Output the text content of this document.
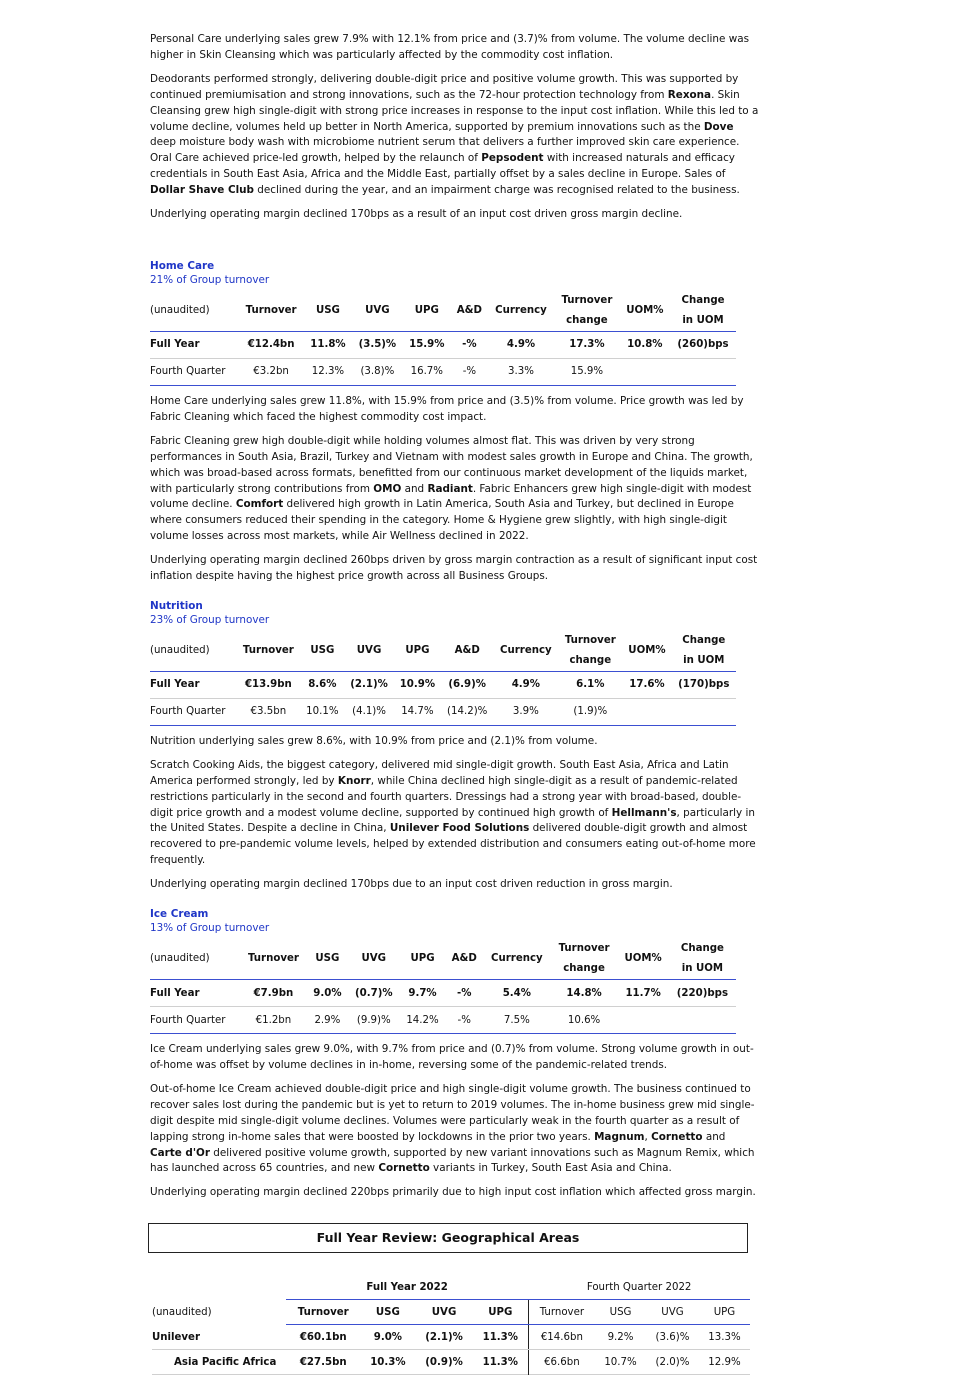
Personal Care underlying sales grew 7.9% with 12.1% from price and (3.7)% from volume. The volume decline was higher in Skin Cleansing which was particularly affected by the commodity cost inflation.

Deodorants performed strongly, delivering double-digit price and positive volume growth. This was supported by continued premiumisation and strong innovations, such as the 72-hour protection technology from Rexona. Skin Cleansing grew high single-digit with strong price increases in response to the input cost inflation. While this led to a volume decline, volumes held up better in North America, supported by premium innovations such as the Dove deep moisture body wash with microbiome nutrient serum that delivers a further improved skin care experience. Oral Care achieved price-led growth, helped by the relaunch of Pepsodent with increased naturals and efficacy credentials in South East Asia, Africa and the Middle East, partially offset by a sales decline in Europe. Sales of Dollar Shave Club declined during the year, and an impairment charge was recognised related to the business.

Underlying operating margin declined 170bps as a result of an input cost driven gross margin decline.

Home Care
21% of Group turnover
(unaudited)	Turnover	USG	UVG	UPG	A&D	Currency	Turnover
change	UOM%	Change
in UOM
Full Year	€12.4bn	11.8%	(3.5)%	15.9%	-%	4.9%	17.3%	10.8%	(260)bps
Fourth Quarter	€3.2bn	12.3%	(3.8)%	16.7%	-%	3.3%	15.9%		

Home Care underlying sales grew 11.8%, with 15.9% from price and (3.5)% from volume. Price growth was led by Fabric Cleaning which faced the highest commodity cost impact.

Fabric Cleaning grew high double-digit while holding volumes almost flat. This was driven by very strong performances in South Asia, Brazil, Turkey and Vietnam with modest sales growth in Europe and China. The growth, which was broad-based across formats, benefitted from our continuous market development of the liquids market, with particularly strong contributions from OMO and Radiant. Fabric Enhancers grew high single-digit with modest volume decline. Comfort delivered high growth in Latin America, South Asia and Turkey, but declined in Europe where consumers reduced their spending in the category. Home & Hygiene grew slightly, with high single-digit volume losses across most markets, while Air Wellness declined in 2022.

Underlying operating margin declined 260bps driven by gross margin contraction as a result of significant input cost inflation despite having the highest price growth across all Business Groups.

Nutrition
23% of Group turnover
(unaudited)	Turnover	USG	UVG	UPG	A&D	Currency	Turnover
change	UOM%	Change
in UOM
Full Year	€13.9bn	8.6%	(2.1)%	10.9%	(6.9)%	4.9%	6.1%	17.6%	(170)bps
Fourth Quarter	€3.5bn	10.1%	(4.1)%	14.7%	(14.2)%	3.9%	(1.9)%		

Nutrition underlying sales grew 8.6%, with 10.9% from price and (2.1)% from volume.

Scratch Cooking Aids, the biggest category, delivered mid single-digit growth. South East Asia, Africa and Latin America performed strongly, led by Knorr, while China declined high single-digit as a result of pandemic-related restrictions particularly in the second and fourth quarters. Dressings had a strong year with broad-based, double-digit price growth and a modest volume decline, supported by continued high growth of Hellmann's, particularly in the United States. Despite a decline in China, Unilever Food Solutions delivered double-digit growth and almost recovered to pre-pandemic volume levels, helped by extended distribution and consumers eating out-of-home more frequently.

Underlying operating margin declined 170bps due to an input cost driven reduction in gross margin.

Ice Cream
13% of Group turnover
(unaudited)	Turnover	USG	UVG	UPG	A&D	Currency	Turnover
change	UOM%	Change
in UOM
Full Year	€7.9bn	9.0%	(0.7)%	9.7%	-%	5.4%	14.8%	11.7%	(220)bps
Fourth Quarter	€1.2bn	2.9%	(9.9)%	14.2%	-%	7.5%	10.6%		

Ice Cream underlying sales grew 9.0%, with 9.7% from price and (0.7)% from volume. Strong volume growth in out-of-home was offset by volume declines in in-home, reversing some of the pandemic-related trends.

Out-of-home Ice Cream achieved double-digit price and high single-digit volume growth. The business continued to recover sales lost during the pandemic but is yet to return to 2019 volumes. The in-home business grew mid single-digit despite mid single-digit volume declines. Volumes were particularly weak in the fourth quarter as a result of lapping strong in-home sales that were boosted by lockdowns in the prior two years. Magnum, Cornetto and Carte d'Or delivered positive volume growth, supported by new variant innovations such as Magnum Remix, which has launched across 65 countries, and new Cornetto variants in Turkey, South East Asia and China.

Underlying operating margin declined 220bps primarily due to high input cost inflation which affected gross margin.

Full Year Review: Geographical Areas
	Full Year 2022				Fourth Quarter 2022			
(unaudited)	Turnover	USG	UVG	UPG	Turnover	USG	UVG	UPG
Unilever	€60.1bn	9.0%	(2.1)%	11.3%	€14.6bn	9.2%	(3.6)%	13.3%
Asia Pacific Africa	€27.5bn	10.3%	(0.9)%	11.3%	€6.6bn	10.7%	(2.0)%	12.9%
